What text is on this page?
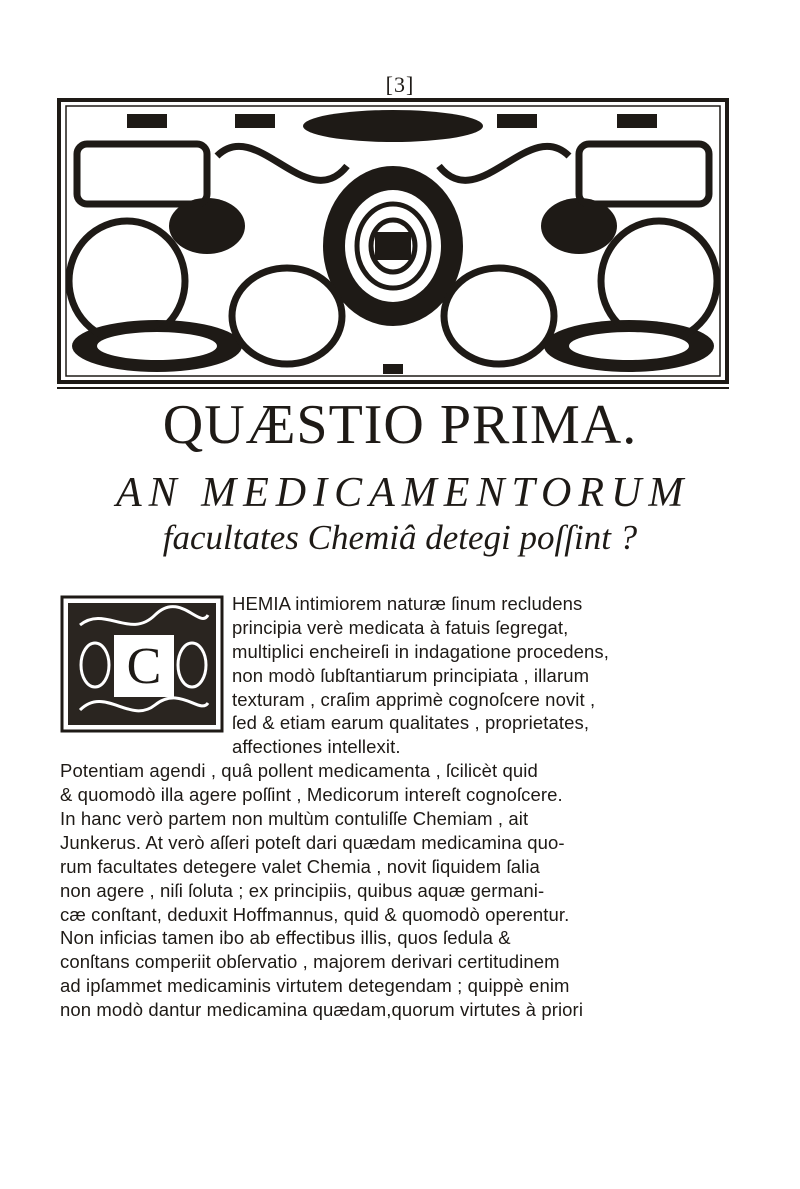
[3]
QUÆSTIO PRIMA.
AN MEDICAMENTORUM
facultates Chemiâ detegi poſſint ?
C
HEMIA intimiorem naturæ ſinum recludens
principia verè medicata à fatuis ſegregat,
multiplici encheireſi in indagatione procedens,
non modò ſubſtantiarum principiata , illarum
texturam , craſim apprimè cognoſcere novit ,
ſed & etiam earum qualitates , proprietates,
affectiones intellexit.
Potentiam agendi , quâ pollent medicamenta , ſcilicèt quid
& quomodò illa agere poſſint , Medicorum intereſt cognoſcere.
In hanc verò partem non multùm contuliſſe Chemiam , ait
Junkerus. At verò aſſeri poteſt dari quædam medicamina quo-
rum facultates detegere valet Chemia , novit ſiquidem ſalia
non agere , niſi ſoluta ; ex principiis, quibus aquæ germani-
cæ conſtant, deduxit Hoffmannus, quid & quomodò operentur.
Non inficias tamen ibo ab effectibus illis, quos ſedula &
conſtans comperiit obſervatio , majorem derivari certitudinem
ad ipſammet medicaminis virtutem detegendam ; quippè enim
non modò dantur medicamina quædam,quorum virtutes à priori
